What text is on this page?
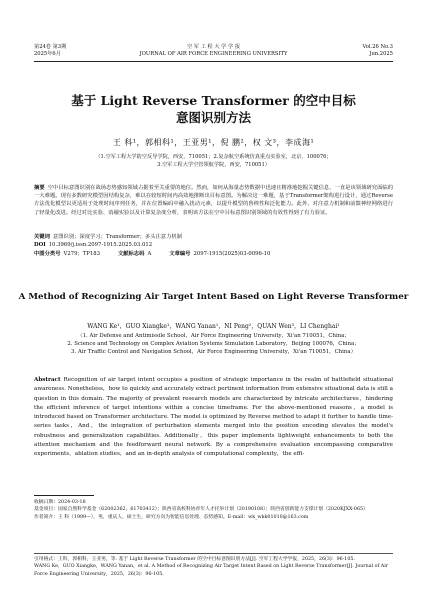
第24卷 第3期
2025年6月
空 军 工 程 大 学 学 报
JOURNAL OF AIR FORCE ENGINEERING UNIVERSITY
Vol.26 No.3
Jun.2025
基于 Light Reverse Transformer 的空中目标
意图识别方法
王 科¹，郭相科¹，王亚男¹，倪 鹏²，权 文³，李成海¹
（1.空军工程大学防空反导学院，西安，710051；2.复杂航空系统仿真重点实验室，北京，100076；
3.空军工程大学空管领航学院，西安，710051）
摘要 空中目标意图识别在战场态势感知领域占据着至关重要的地位。然而，如何从海量态势数据中迅速且精准地挖掘关键信息，一直是该领域研究面临的一大难题。现有多数研究模型因结构复杂，难以在较短时间内高效地推断出目标意图。为解决这一难题，基于Transformer架构进行设计，通过Reverse方法优化模型以更适用于处理时间序列任务，并在位置编码中融入扰动元素，以提升模型的鲁棒性和泛化能力。此外，对注意力机制和前馈神经网络进行了轻量化改进。经过对比实验、消融实验以及计算复杂度分析，表明该方法在空中目标意图识别领域的有效性得到了有力验证。
关键词 意图识别；深度学习；Transformer；多头注意力机制
DOI 10.3969/j.issn.2097-1915.2025.03.012
中图分类号 V279；TP183	文献标志码 A	文章编号 2097-1915(2025)03-0096-10
A Method of Recognizing Air Target Intent Based on Light Reverse Transformer
WANG Ke¹，GUO Xiangke¹，WANG Yanan¹，NI Peng²，QUAN Wen³，LI Chenghai¹
（1. Air Defense and Antimissile School，Air Force Engineering University，Xi'an 710051，China；
2. Science and Technology on Complex Aviation Systems Simulation Laboratory，Beijing 100076，China；
3. Air Traffic Control and Navigation School，Air Force Engineering University，Xi'an 710051，China）
Abstract Recognition of air target intent occupies a position of strategic importance in the realm of battlefield situational awareness. Nonetheless，how to quickly and accurately extract pertinent information from extensive situational data is still a question in this domain. The majority of prevalent research models are characterized by intricate architectures，hindering the efficient inference of target intentions within a concise timeframe. For the above-mentioned reasons，a model is introduced based on Transformer architecture. The model is optimized by Reverse method to adapt it further to handle time-series tasks，And，the integration of perturbation elements merged into the position encoding elevates the model's robustness and generalization capabilities. Additionally，this paper implements lightweight enhancements to both the attention mechanism and the feedforward neural network. By a comprehensive evaluation encompassing comparative experiments，ablation studies，and an in-depth analysis of computational complexity，the effi-
收稿日期：2024-03-18
基金项目：国家自然科学基金（62002362，61703412）；陕西省高校科协青年人才托举计划（20190108）；陕西省创新能力支撑计划（2020KJXX-065）
作者简介：王 科（1999—），男，重庆人，硕士生，研究方向为智能信息处理、态势感知。E-mail：wk_wkk01010@163.com
引用格式：王科，郭相科，王亚男，等. 基于 Light Reverse Transformer 的空中目标意图识别方法[J]. 空军工程大学学报，2025，26(3)：96-105.
WANG Ke，GUO Xiangke，WANG Yanan，et al. A Method of Recognizing Air Target Intent Based on Light Reverse Transformer[J]. Journal of Air Force Engineering University，2025，26(3)：96-105.
